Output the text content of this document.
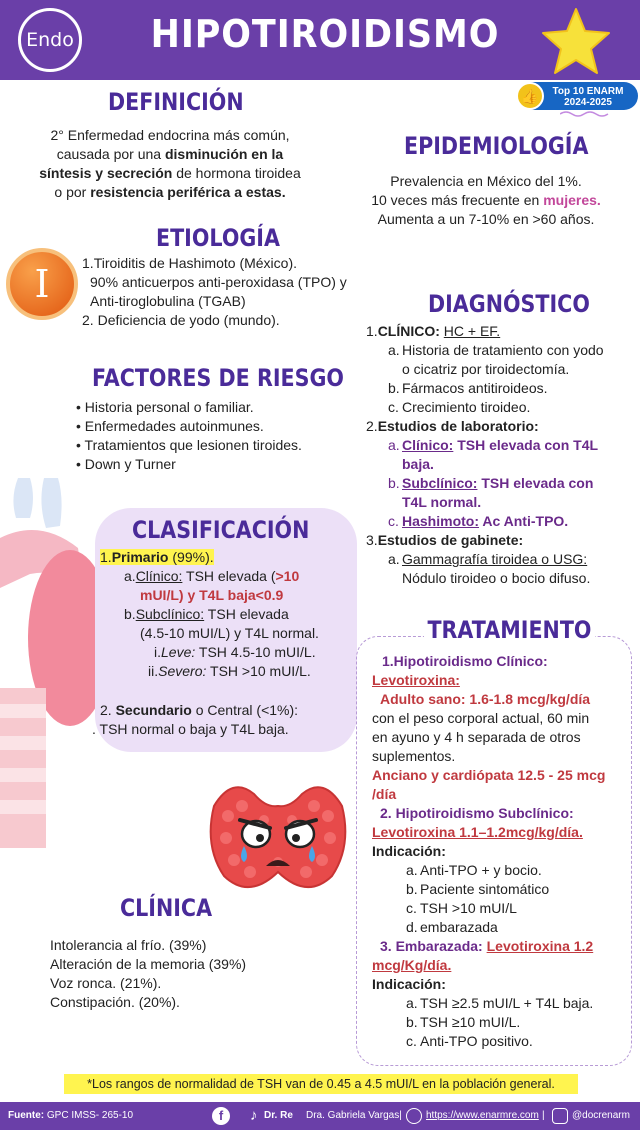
Endo	HIPOTIROIDISMO
Top 10 ENARM
2024-2025
👍
DEFINICIÓN
2° Enfermedad endocrina más común,
causada por una disminución en la
síntesis y secreción de hormona tiroidea
o por resistencia periférica a estas.
EPIDEMIOLOGÍA
Prevalencia en México del 1%.
10 veces más frecuente en mujeres.
Aumenta a un 7-10% en >60 años.
ETIOLOGÍA
I	1.Tiroiditis de Hashimoto (México).
90% anticuerpos anti-peroxidasa (TPO) y
Anti-tiroglobulina (TGAB)
2. Deficiencia de yodo (mundo).
FACTORES DE RIESGO
• Historia personal o familiar.
• Enfermedades autoinmunes.
• Tratamientos que lesionen tiroides.
• Down y Turner
CLASIFICACIÓN
1.Primario (99%).
a.Clínico: TSH elevada (>10
mUI/L) y T4L baja<0.9
b.Subclínico: TSH elevada
(4.5-10 mUI/L) y T4L normal.
i.Leve: TSH 4.5-10 mUI/L.
ii.Severo: TSH >10 mUI/L.
2. Secundario o Central (<1%):
. TSH normal o baja y T4L baja.
CLÍNICA
Intolerancia al frío. (39%)
Alteración de la memoria (39%)
Voz ronca. (21%).
Constipación. (20%).
DIAGNÓSTICO
1.CLÍNICO: HC + EF.
a. Historia de tratamiento con yodo
o cicatriz por tiroidectomía.
b. Fármacos antitiroideos.
c. Crecimiento tiroideo.
2.Estudios de laboratorio:
a. Clínico: TSH elevada con T4L
baja.
b. Subclínico: TSH elevada con
T4L normal.
c. Hashimoto: Ac Anti-TPO.
3.Estudios de gabinete:
a. Gammagrafía tiroidea o USG:
Nódulo tiroideo o bocio difuso.
TRATAMIENTO
1.Hipotiroidismo Clínico:
Levotiroxina:
Adulto sano: 1.6-1.8 mcg/kg/día
con el peso corporal actual, 60 min
en ayuno y 4 h separada de otros
suplementos.
Anciano y cardiópata 12.5 - 25 mcg
/día
2. Hipotiroidismo Subclínico:
Levotiroxina 1.1–1.2mcg/kg/día.
Indicación:
a. Anti-TPO + y bocio.
b. Paciente sintomático
c. TSH >10 mUI/L
d. embarazada
3. Embarazada: Levotiroxina 1.2
mcg/Kg/día.
Indicación:
a. TSH ≥2.5 mUI/L + T4L baja.
b. TSH ≥10 mUI/L.
c. Anti-TPO positivo.
*Los rangos de normalidad de TSH van de 0.45 a 4.5 mUI/L en la población general.
Fuente: GPC IMSS- 265-10	f	♪ Dr. Re Dra. Gabriela Vargas| https://www.enarmre.com |	@docrenarm
